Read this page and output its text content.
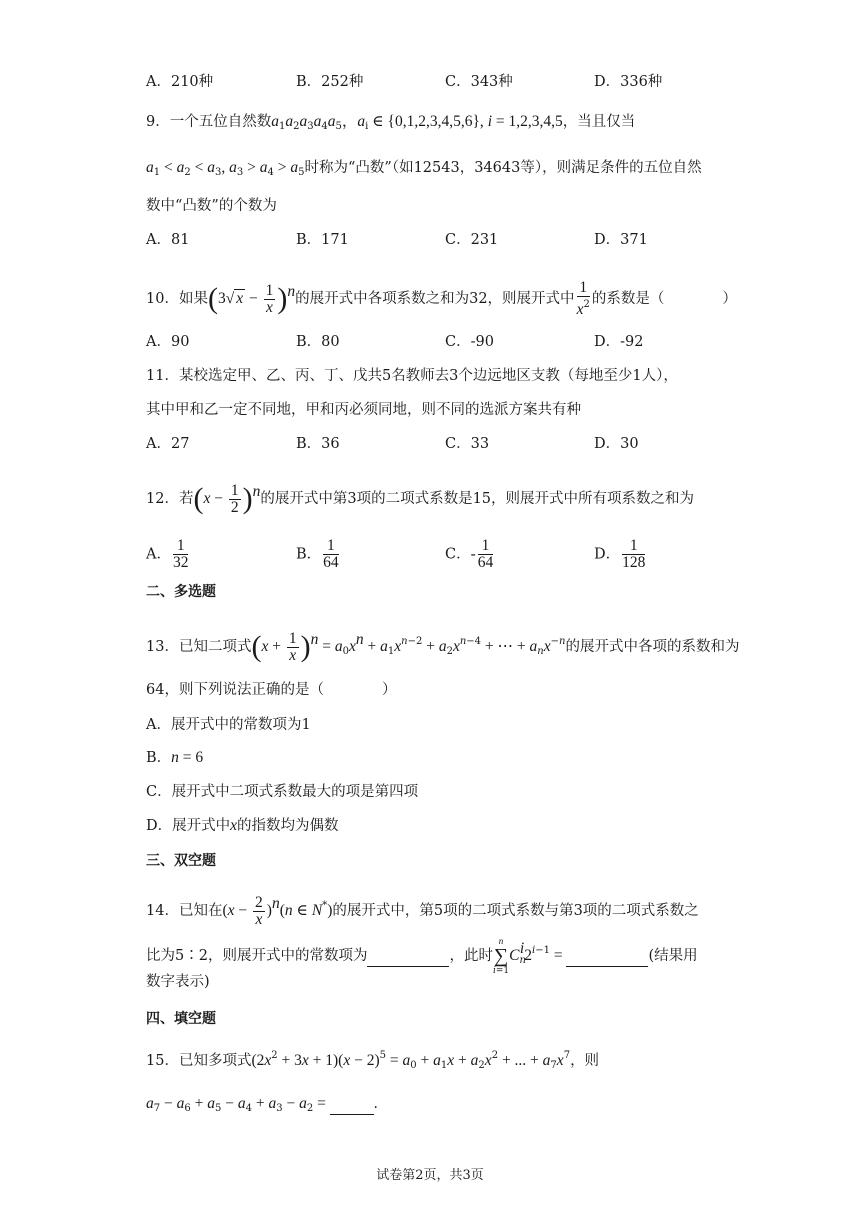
A．210种	B．252种	C．343种	D．336种
9．一个五位自然数$a_1a_2a_3a_4a_5$，$a_i$ ∈ {0,1,2,3,4,5,6}, i = 1,2,3,4,5，当且仅当
$a_1 < a_2 < a_3$, $a_3 > a_4 > a_5$时称为“凸数”（如12543，34643等），则满足条件的五位自然
数中“凸数”的个数为
A．81	B．171	C．231	D．371
10．如果(3√ $x - \frac{1}{x} )^n$的展开式中各项系数之和为32，则展开式中 $\frac{1}{x^2}$ 的系数是（　　　　）
A．90	B．80	C．-90	D．-92
11．某校选定甲、乙、丙、丁、戊共5名教师去3个边远地区支教（每地至少1人），
其中甲和乙一定不同地，甲和丙必须同地，则不同的选派方案共有种
A．27	B．36	C．33	D．30
12．若$(x - \frac{1}{2} )^n$的展开式中第3项的二项式系数是15，则展开式中所有项系数之和为
A． $\frac{1}{32}$	B． $\frac{1}{64}$	C．- $\frac{1}{64}$	D． $\frac{1}{128}$
二、多选题
13．已知二项式$(x + \frac{1}{x} )^n = a_0x^n + a_1x^{n-2} + a_2x^{n-4}$ + ⋯ + $a_nx^{-n}$的展开式中各项的系数和为
64，则下列说法正确的是（　　　　）
A．展开式中的常数项为1
B．n = 6
C．展开式中二项式系数最大的项是第四项
D．展开式中x的指数均为偶数
三、双空题
14．已知在$(x - \frac{2}{x} )^n(n$ ∈ N*)的展开式中，第5项的二项式系数与第3项的二项式系数之
比为5∶2，则展开式中的常数项为	，此时
n
∑
i=1
$C_n^i2^{i-1}$ =	(结果用
数字表示)
四、填空题
15．已知多项式$(2x^2 + 3x + 1)(x - 2)^5 = a_0 + a_1x + a_2x^2$ + ... + $a_7x^7$，则
$a_7 - a_6 + a_5 - a_4 + a_3 - a_2$ =	.
试卷第2页，共3页
